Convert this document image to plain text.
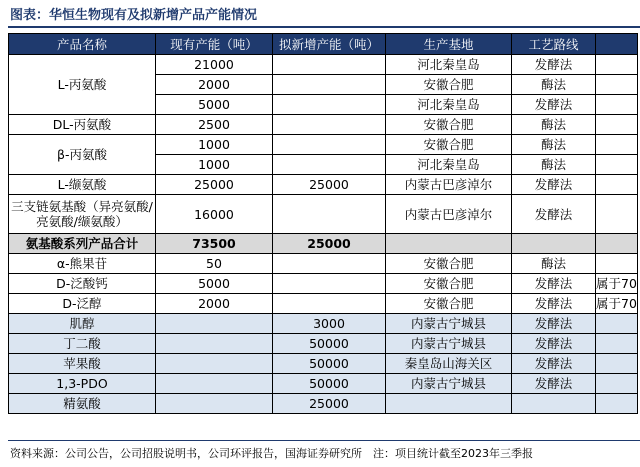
图表：华恒生物现有及拟新增产品产能情况
产品名称	现有产能（吨）	拟新增产能（吨）	生产基地	工艺路线	
L-丙氨酸	21000		河北秦皇岛	发酵法	
	2000		安徽合肥	酶法	
	5000		河北秦皇岛	发酵法	
DL-丙氨酸	2500		安徽合肥	酶法	
β-丙氨酸	1000		安徽合肥	酶法	
	1000		河北秦皇岛	酶法	
L-缬氨酸	25000	25000	内蒙古巴彦淖尔	发酵法	
三支链氨基酸（异亮氨酸/亮氨酸/缬氨酸）	16000		内蒙古巴彦淖尔	发酵法	
氨基酸系列产品合计	73500	25000			
α-熊果苷	50		安徽合肥	酶法	
D-泛酸钙	5000		安徽合肥	发酵法	属于70
D-泛醇	2000		安徽合肥	发酵法	属于70
肌醇		3000	内蒙古宁城县	发酵法	
丁二酸		50000	内蒙古宁城县	发酵法	
苹果酸		50000	秦皇岛山海关区	发酵法	
1,3-PDO		50000	内蒙古宁城县	发酵法	
精氨酸		25000			
资料来源：公司公告，公司招股说明书，公司环评报告，国海证券研究所　注：项目统计截至2023年三季报
